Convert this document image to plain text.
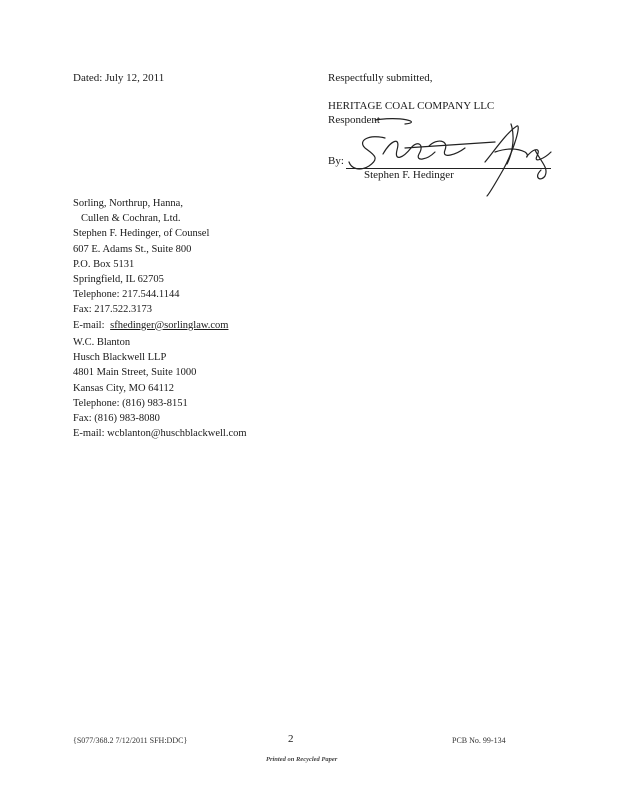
Dated: July 12, 2011	Respectfully submitted,
HERITAGE COAL COMPANY LLC
Respondent
By:
Stephen F. Hedinger
Sorling, Northrup, Hanna,
Cullen & Cochran, Ltd.
Stephen F. Hedinger, of Counsel
607 E. Adams St., Suite 800
P.O. Box 5131
Springfield, IL 62705
Telephone: 217.544.1144
Fax: 217.522.3173
E-mail: sfhedinger@sorlinglaw.com
W.C. Blanton
Husch Blackwell LLP
4801 Main Street, Suite 1000
Kansas City, MO 64112
Telephone: (816) 983-8151
Fax: (816) 983-8080
E-mail: wcblanton@huschblackwell.com
{S077/368.2 7/12/2011 SFH:DDC}	2	PCB No. 99-134
Printed on Recycled Paper
